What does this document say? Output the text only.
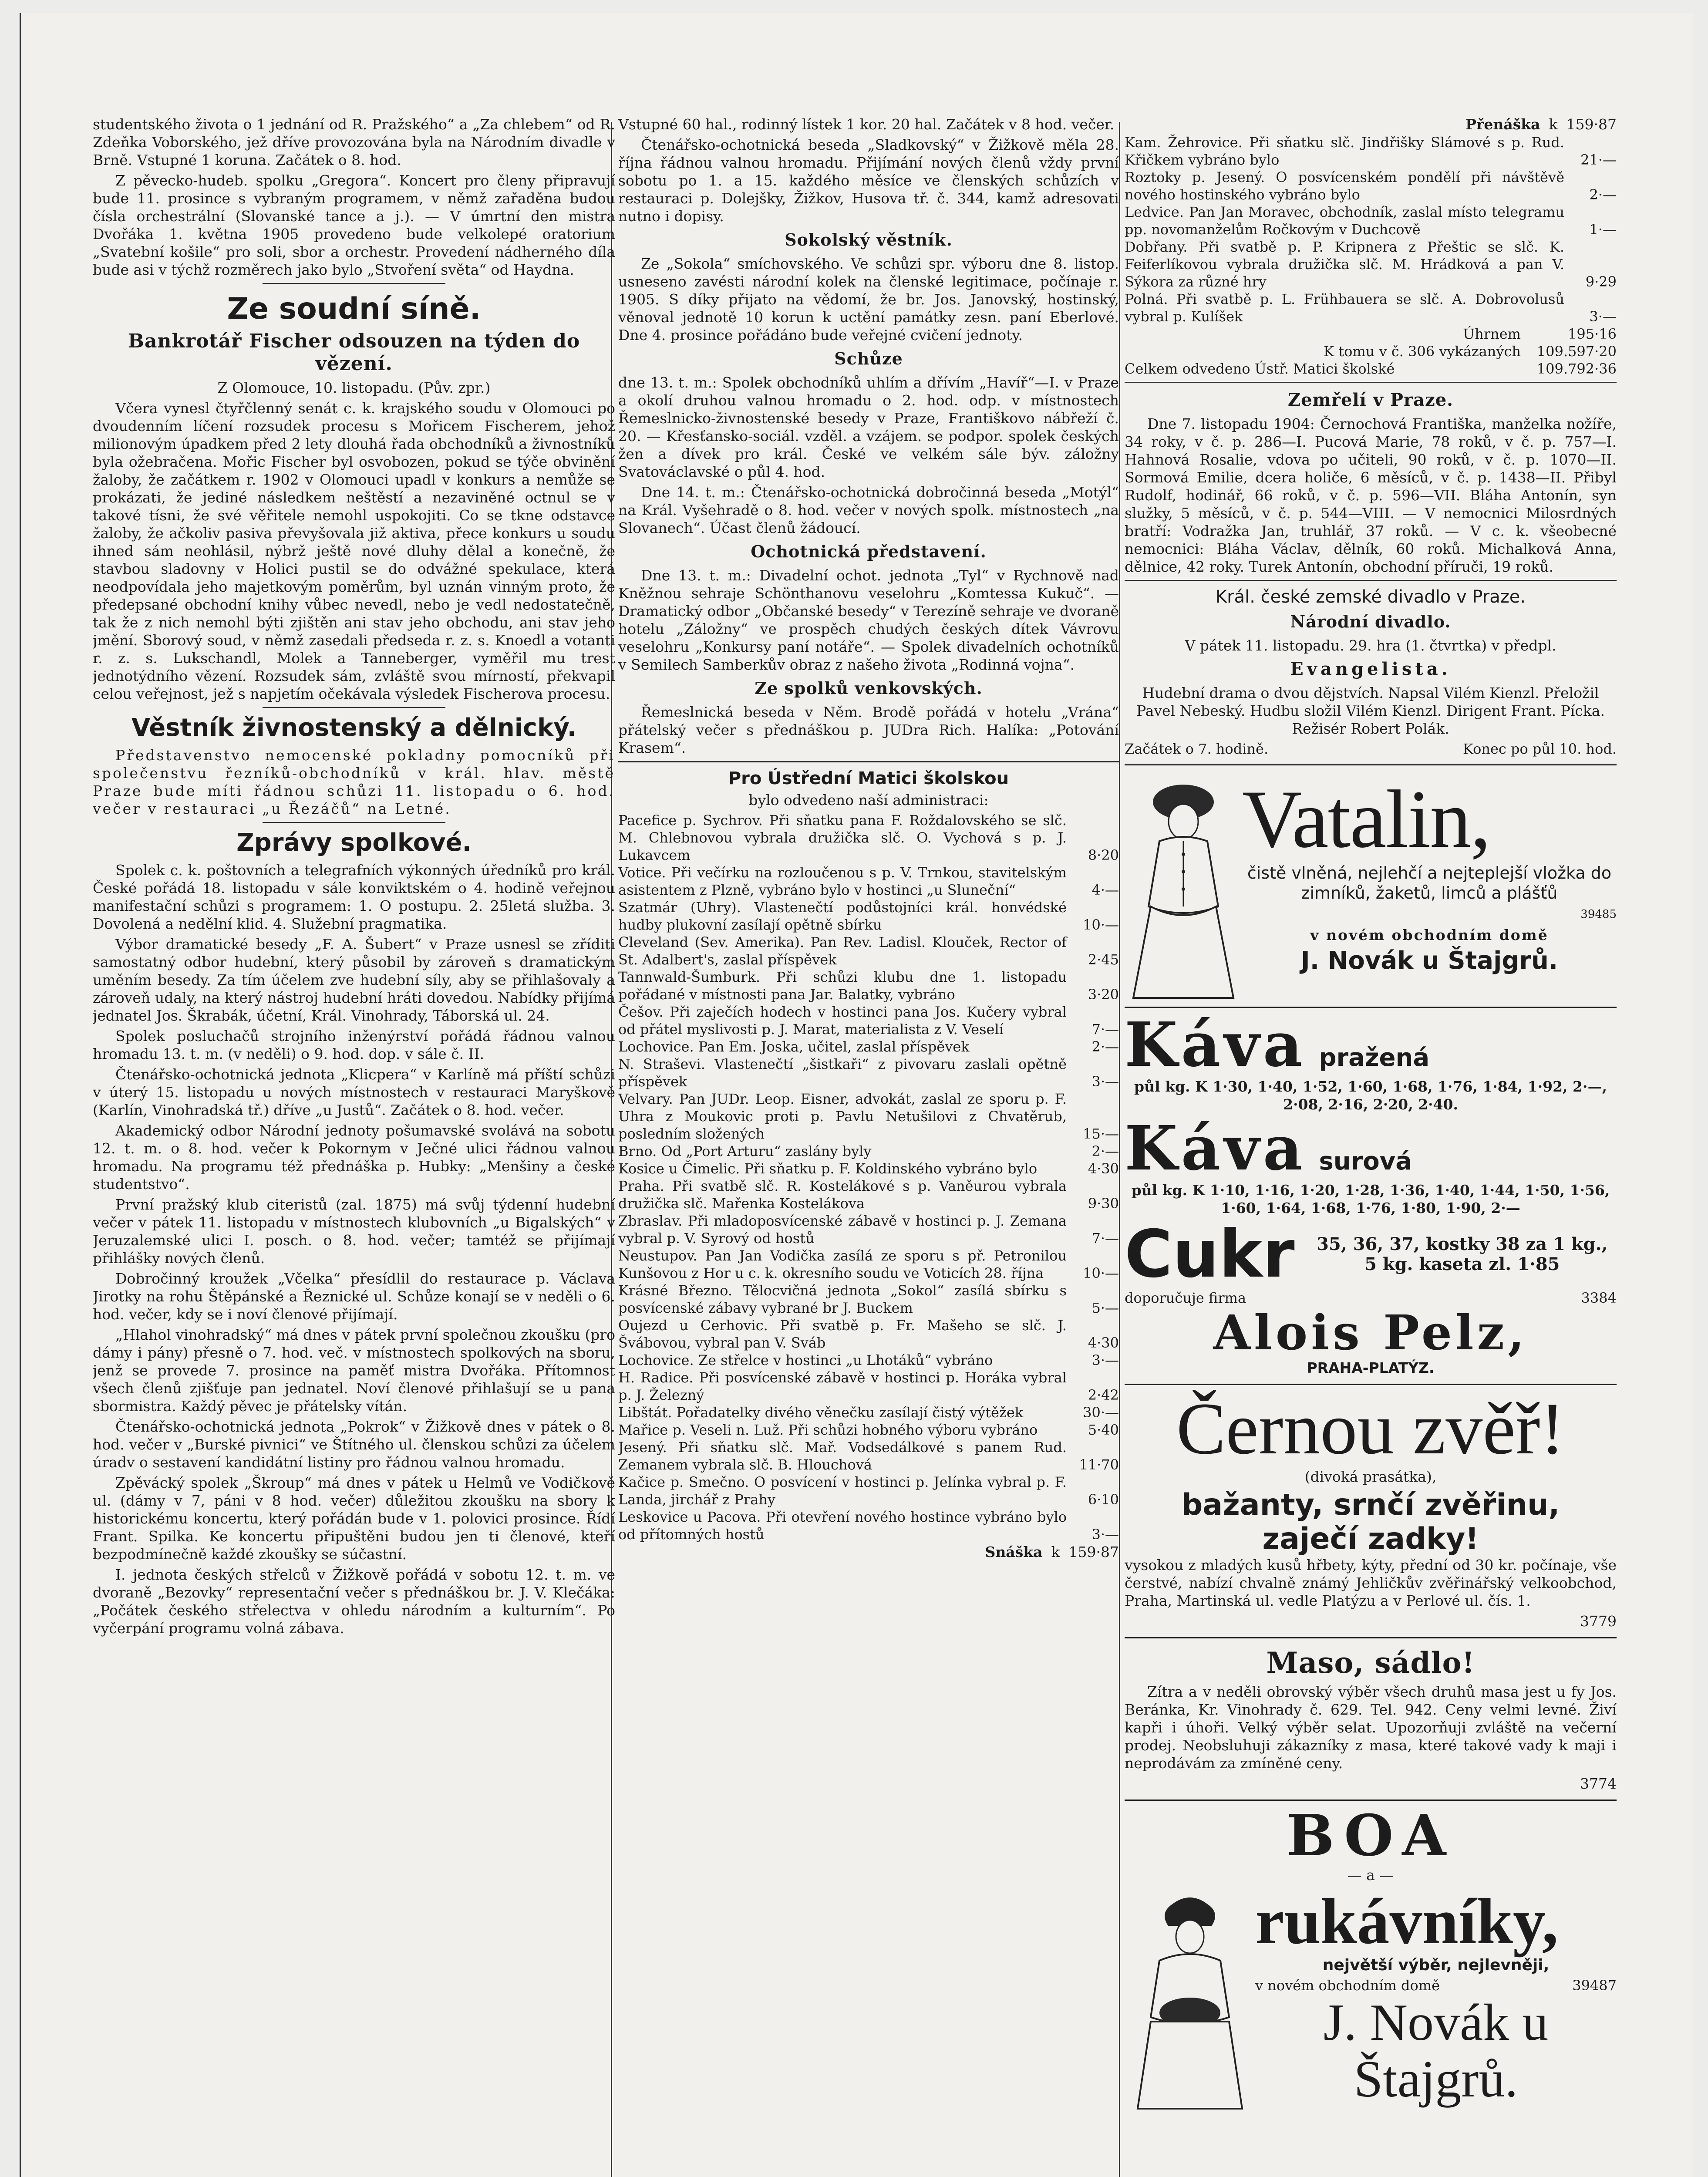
studentského života o 1 jednání od R. Pražského“ a „Za chlebem“ od R. Zdeňka Voborského, jež dříve provozována byla na Národním divadle v Brně. Vstupné 1 koruna. Začátek o 8. hod.

Z pěvecko-hudeb. spolku „Gregora“. Koncert pro členy připravují bude 11. prosince s vybraným programem, v němž zařaděna budou čísla orchestrální (Slovanské tance a j.). — V úmrtní den mistra Dvořáka 1. května 1905 provedeno bude velkolepé oratorium „Svatební košile“ pro soli, sbor a orchestr. Provedení nádherného díla bude asi v týchž rozměrech jako bylo „Stvoření světa“ od Haydna.

Ze soudní síně.
Bankrotář Fischer odsouzen na týden do vězení.

Z Olomouce, 10. listopadu. (Pův. zpr.)

Včera vynesl čtyřčlenný senát c. k. krajského soudu v Olomouci po dvoudenním líčení rozsudek procesu s Mořicem Fischerem, jehož milionovým úpadkem před 2 lety dlouhá řada obchodníků a živnostníků byla ožebračena. Mořic Fischer byl osvobozen, pokud se týče obvinění žaloby, že začátkem r. 1902 v Olomouci upadl v konkurs a nemůže se prokázati, že jediné následkem neštěstí a nezaviněné octnul se v takové tísni, že své věřitele nemohl uspokojiti. Co se tkne odstavce žaloby, že ačkoliv pasiva převyšovala již aktiva, přece konkurs u soudu ihned sám neohlásil, nýbrž ještě nové dluhy dělal a konečně, že stavbou sladovny v Holici pustil se do odvážné spekulace, která neodpovídala jeho majetkovým poměrům, byl uznán vinným proto, že předepsané obchodní knihy vůbec nevedl, nebo je vedl nedostatečně, tak že z nich nemohl býti zjištěn ani stav jeho obchodu, ani stav jeho jmění. Sborový soud, v němž zasedali předseda r. z. s. Knoedl a votanti r. z. s. Lukschandl, Molek a Tanneberger, vyměřil mu trest jednotýdního vězení. Rozsudek sám, zvláště svou mírností, překvapil celou veřejnost, jež s napjetím očekávala výsledek Fischerova procesu.

Věstník živnostenský a dělnický.

Představenstvo nemocenské pokladny pomocníků při společenstvu řezníků-obchodníků v král. hlav. městě Praze bude míti řádnou schůzi 11. listopadu o 6. hod. večer v restauraci „u Řezáčů“ na Letné.

Zprávy spolkové.

Spolek c. k. poštovních a telegrafních výkonných úředníků pro král. České pořádá 18. listopadu v sále konviktském o 4. hodině veřejnou manifestační schůzi s programem: 1. O postupu. 2. 25letá služba. 3. Dovolená a nedělní klid. 4. Služební pragmatika.

Výbor dramatické besedy „F. A. Šubert“ v Praze usnesl se zříditi samostatný odbor hudební, který působil by zároveň s dramatickým uměním besedy. Za tím účelem zve hudební síly, aby se přihlašovaly a zároveň udaly, na který nástroj hudební hráti dovedou. Nabídky přijímá jednatel Jos. Škrabák, účetní, Král. Vinohrady, Táborská ul. 24.

Spolek posluchačů strojního inženýrství pořádá řádnou valnou hromadu 13. t. m. (v neděli) o 9. hod. dop. v sále č. II.

Čtenářsko-ochotnická jednota „Klicpera“ v Karlíně má příští schůzi v úterý 15. listopadu u nových místnostech v restauraci Maryškově (Karlín, Vinohradská tř.) dříve „u Justů“. Začátek o 8. hod. večer.

Akademický odbor Národní jednoty pošumavské svolává na sobotu 12. t. m. o 8. hod. večer k Pokornym v Ječné ulici řádnou valnou hromadu. Na programu též přednáška p. Hubky: „Menšiny a české studentstvo“.

První pražský klub citeristů (zal. 1875) má svůj týdenní hudební večer v pátek 11. listopadu v místnostech klubovních „u Bigalských“ v Jeruzalemské ulici I. posch. o 8. hod. večer; tamtéž se přijímají přihlášky nových členů.

Dobročinný kroužek „Včelka“ přesídlil do restaurace p. Václava Jirotky na rohu Štěpánské a Řeznické ul. Schůze konají se v neděli o 6. hod. večer, kdy se i noví členové přijímají.

„Hlahol vinohradský“ má dnes v pátek první společnou zkoušku (pro dámy i pány) přesně o 7. hod. več. v místnostech spolkových na sboru, jenž se provede 7. prosince na paměť mistra Dvořáka. Přítomnost všech členů zjišťuje pan jednatel. Noví členové přihlašují se u pana sbormistra. Každý pěvec je přátelsky vítán.

Čtenářsko-ochotnická jednota „Pokrok“ v Žižkově dnes v pátek o 8. hod. večer v „Burské pivnici“ ve Štítného ul. členskou schůzi za účelem úradv o sestavení kandidátní listiny pro řádnou valnou hromadu.

Zpěvácký spolek „Škroup“ má dnes v pátek u Helmů ve Vodičkově ul. (dámy v 7, páni v 8 hod. večer) důležitou zkoušku na sbory k historickému koncertu, který pořádán bude v 1. polovici prosince. Řídí Frant. Spilka. Ke koncertu připuštěni budou jen ti členové, kteří bezpodmínečně každé zkoušky se súčastní.

I. jednota českých střelců v Žižkově pořádá v sobotu 12. t. m. ve dvoraně „Bezovky“ representační večer s přednáškou br. J. V. Klečáka: „Počátek českého střelectva v ohledu národním a kulturním“. Po vyčerpání programu volná zábava.

Vstupné 60 hal., rodinný lístek 1 kor. 20 hal. Začátek v 8 hod. večer.

Čtenářsko-ochotnická beseda „Sladkovský“ v Žižkově měla 28. října řádnou valnou hromadu. Přijímání nových členů vždy první sobotu po 1. a 15. každého měsíce ve členských schůzích v restauraci p. Dolejšky, Žižkov, Husova tř. č. 344, kamž adresovati nutno i dopisy.

Sokolský věstník.

Ze „Sokola“ smíchovského. Ve schůzi spr. výboru dne 8. listop. usneseno zavésti národní kolek na členské legitimace, počínaje r. 1905. S díky přijato na vědomí, že br. Jos. Janovský, hostinský, věnoval jednotě 10 korun k uctění památky zesn. paní Eberlové. Dne 4. prosince pořádáno bude veřejné cvičení jednoty.

Schůze

dne 13. t. m.: Spolek obchodníků uhlím a dřívím „Havíř“—I. v Praze a okolí druhou valnou hromadu o 2. hod. odp. v místnostech Řemeslnicko-živnostenské besedy v Praze, Františkovo nábřeží č. 20. — Křesťansko-sociál. vzděl. a vzájem. se podpor. spolek českých žen a dívek pro král. České ve velkém sále býv. záložny Svatováclavské o půl 4. hod.

Dne 14. t. m.: Čtenářsko-ochotnická dobročinná beseda „Motýl“ na Král. Vyšehradě o 8. hod. večer v nových spolk. místnostech „na Slovanech“. Účast členů žádoucí.

Ochotnická představení.

Dne 13. t. m.: Divadelní ochot. jednota „Tyl“ v Rychnově nad Kněžnou sehraje Schönthanovu veselohru „Komtessa Kukuč“. — Dramatický odbor „Občanské besedy“ v Terezíně sehraje ve dvoraně hotelu „Záložny“ ve prospěch chudých českých dítek Vávrovu veselohru „Konkursy paní notáře“. — Spolek divadelních ochotníků v Semilech Samberkův obraz z našeho života „Rodinná vojna“.

Ze spolků venkovských.

Řemeslnická beseda v Něm. Brodě pořádá v hotelu „Vrána“ přátelský večer s přednáškou p. JUDra Rich. Halíka: „Potování Krasem“.

Pro Ústřední Matici školskou

bylo odvedeno naší administraci:

Pacefice p. Sychrov. Při sňatku pana F. Roždalovského se slč. M. Chlebnovou vybrala družička slč. O. Vychová s p. J. Lukavcem	8·20
Votice. Při večírku na rozloučenou s p. V. Trnkou, stavitelským asistentem z Plzně, vybráno bylo v hostinci „u Sluneční“	4·—
Szatmár (Uhry). Vlastenečtí podůstojníci král. honvédské hudby plukovní zasílají opětně sbírku	10·—
Cleveland (Sev. Amerika). Pan Rev. Ladisl. Klouček, Rector of St. Adalbert's, zaslal příspěvek	2·45
Tannwald-Šumburk. Při schůzi klubu dne 1. listopadu pořádané v místnosti pana Jar. Balatky, vybráno	3·20
Češov. Při zaječích hodech v hostinci pana Jos. Kučery vybral od přátel myslivosti p. J. Marat, materialista z V. Veselí	7·—
Lochovice. Pan Em. Joska, učitel, zaslal příspěvek	2·—
N. Straševi. Vlastenečtí „šistkaři“ z pivovaru zaslali opětně příspěvek	3·—
Velvary. Pan JUDr. Leop. Eisner, advokát, zaslal ze sporu p. F. Uhra z Moukovic proti p. Pavlu Netušilovi z Chvatěrub, posledním složených	15·—
Brno. Od „Port Arturu“ zaslány byly	2·—
Kosice u Čimelic. Při sňatku p. F. Koldinského vybráno bylo	4·30
Praha. Při svatbě slč. R. Kostelákové s p. Vaněurou vybrala družička slč. Mařenka Kostelákova	9·30
Zbraslav. Při mladoposvícenské zábavě v hostinci p. J. Zemana vybral p. V. Syrový od hostů	7·—
Neustupov. Pan Jan Vodička zasílá ze sporu s př. Petronilou Kunšovou z Hor u c. k. okresního soudu ve Voticích 28. října	10·—
Krásné Březno. Tělocvičná jednota „Sokol“ zasílá sbírku s posvícenské zábavy vybrané br J. Buckem	5·—
Oujezd u Cerhovic. Při svatbě p. Fr. Mašeho se slč. J. Švábovou, vybral pan V. Sváb	4·30
Lochovice. Ze střelce v hostinci „u Lhotáků“ vybráno	3·—
H. Radice. Při posvícenské zábavě v hostinci p. Horáka vybral p. J. Železný	2·42
Libštát. Pořadatelky divého věnečku zasílají čistý výtěžek	30·—
Mařice p. Veseli n. Luž. Při schůzi hobného výboru vybráno	5·40
Jesený. Při sňatku slč. Mař. Vodsedálkové s panem Rud. Zemanem vybrala slč. B. Hlouchová	11·70
Kačice p. Smečno. O posvícení v hostinci p. Jelínka vybral p. F. Landa, jirchář z Prahy	6·10
Leskovice u Pacova. Při otevření nového hostince vybráno bylo od přítomných hostů	3·—
Snáška k 159·87
Přenáška k 159·87
Kam. Žehrovice. Při sňatku slč. Jindřišky Slámové s p. Rud. Křičkem vybráno bylo	21·—
Roztoky p. Jesený. O posvícenském pondělí při návštěvě nového hostinského vybráno bylo	2·—
Ledvice. Pan Jan Moravec, obchodník, zaslal místo telegramu pp. novomanželům Ročkovým v Duchcově	1·—
Dobřany. Při svatbě p. P. Kripnera z Přeštic se slč. K. Feiferlíkovou vybrala družička slč. M. Hrádková a pan V. Sýkora za různé hry	9·29
Polná. Při svatbě p. L. Frühbauera se slč. A. Dobrovolusů vybral p. Kulíšek	3·—
Úhrnem	195·16
K tomu v č. 306 vykázaných	109.597·20
Celkem odvedeno Ústř. Matici školské	109.792·36
Zemřelí v Praze.

Dne 7. listopadu 1904: Černochová Františka, manželka nožíře, 34 roky, v č. p. 286—I. Pucová Marie, 78 roků, v č. p. 757—I. Hahnová Rosalie, vdova po učiteli, 90 roků, v č. p. 1070—II. Sormová Emilie, dcera holiče, 6 měsíců, v č. p. 1438—II. Přibyl Rudolf, hodinář, 66 roků, v č. p. 596—VII. Bláha Antonín, syn služky, 5 měsíců, v č. p. 544—VIII. — V nemocnici Milosrdných bratří: Vodražka Jan, truhlář, 37 roků. — V c. k. všeobecné nemocnici: Bláha Václav, dělník, 60 roků. Michalková Anna, dělnice, 42 roky. Turek Antonín, obchodní příruči, 19 roků.

Král. české zemské divadlo v Praze.
Národní divadlo.

V pátek 11. listopadu. 29. hra (1. čtvrtka) v předpl.

Evangelista.

Hudební drama o dvou dějstvích. Napsal Vilém Kienzl. Přeložil Pavel Nebeský. Hudbu složil Vilém Kienzl. Dirigent Frant. Pícka. Režisér Robert Polák.

Začátek o 7. hodině.	Konec po půl 10. hod.
Vatalin,

čistě vlněná, nejlehčí a nejteplejší vložka do zimníků, žaketů, limců a plášťů

39485

v novém obchodním domě

J. Novák u Štajgrů.
Káva pražená

půl kg. K 1·30, 1·40, 1·52, 1·60, 1·68, 1·76, 1·84, 1·92, 2·—, 2·08, 2·16, 2·20, 2·40.

Káva surová

půl kg. K 1·10, 1·16, 1·20, 1·28, 1·36, 1·40, 1·44, 1·50, 1·56, 1·60, 1·64, 1·68, 1·76, 1·80, 1·90, 2·—

Cukr	35, 36, 37, kostky 38 za 1 kg., 5 kg. kaseta zl. 1·85
doporučuje firma	3384
Alois Pelz,

PRAHA-PLATÝZ.

Černou zvěř!

(divoká prasátka),

bažanty, srnčí zvěřinu,
zaječí zadky!

vysokou z mladých kusů hřbety, kýty, přední od 30 kr. počínaje, vše čerstvé, nabízí chvalně známý Jehličkův zvěřinářský velkoobchod, Praha, Martinská ul. vedle Platýzu a v Perlové ul. čís. 1.

3779

Maso, sádlo!

Zítra a v neděli obrovský výběr všech druhů masa jest u fy Jos. Beránka, Kr. Vinohrady č. 629. Tel. 942. Ceny velmi levné. Živí kapři i úhoři. Velký výběr selat. Upozorňuji zvláště na večerní prodej. Neobsluhuji zákazníky z masa, které takové vady k maji i neprodávám za zmíněné ceny.

3774

BOA

— a —

rukávníky,

největší výběr, nejlevněji,

v novém obchodním domě	39487
J. Novák u Štajgrů.
